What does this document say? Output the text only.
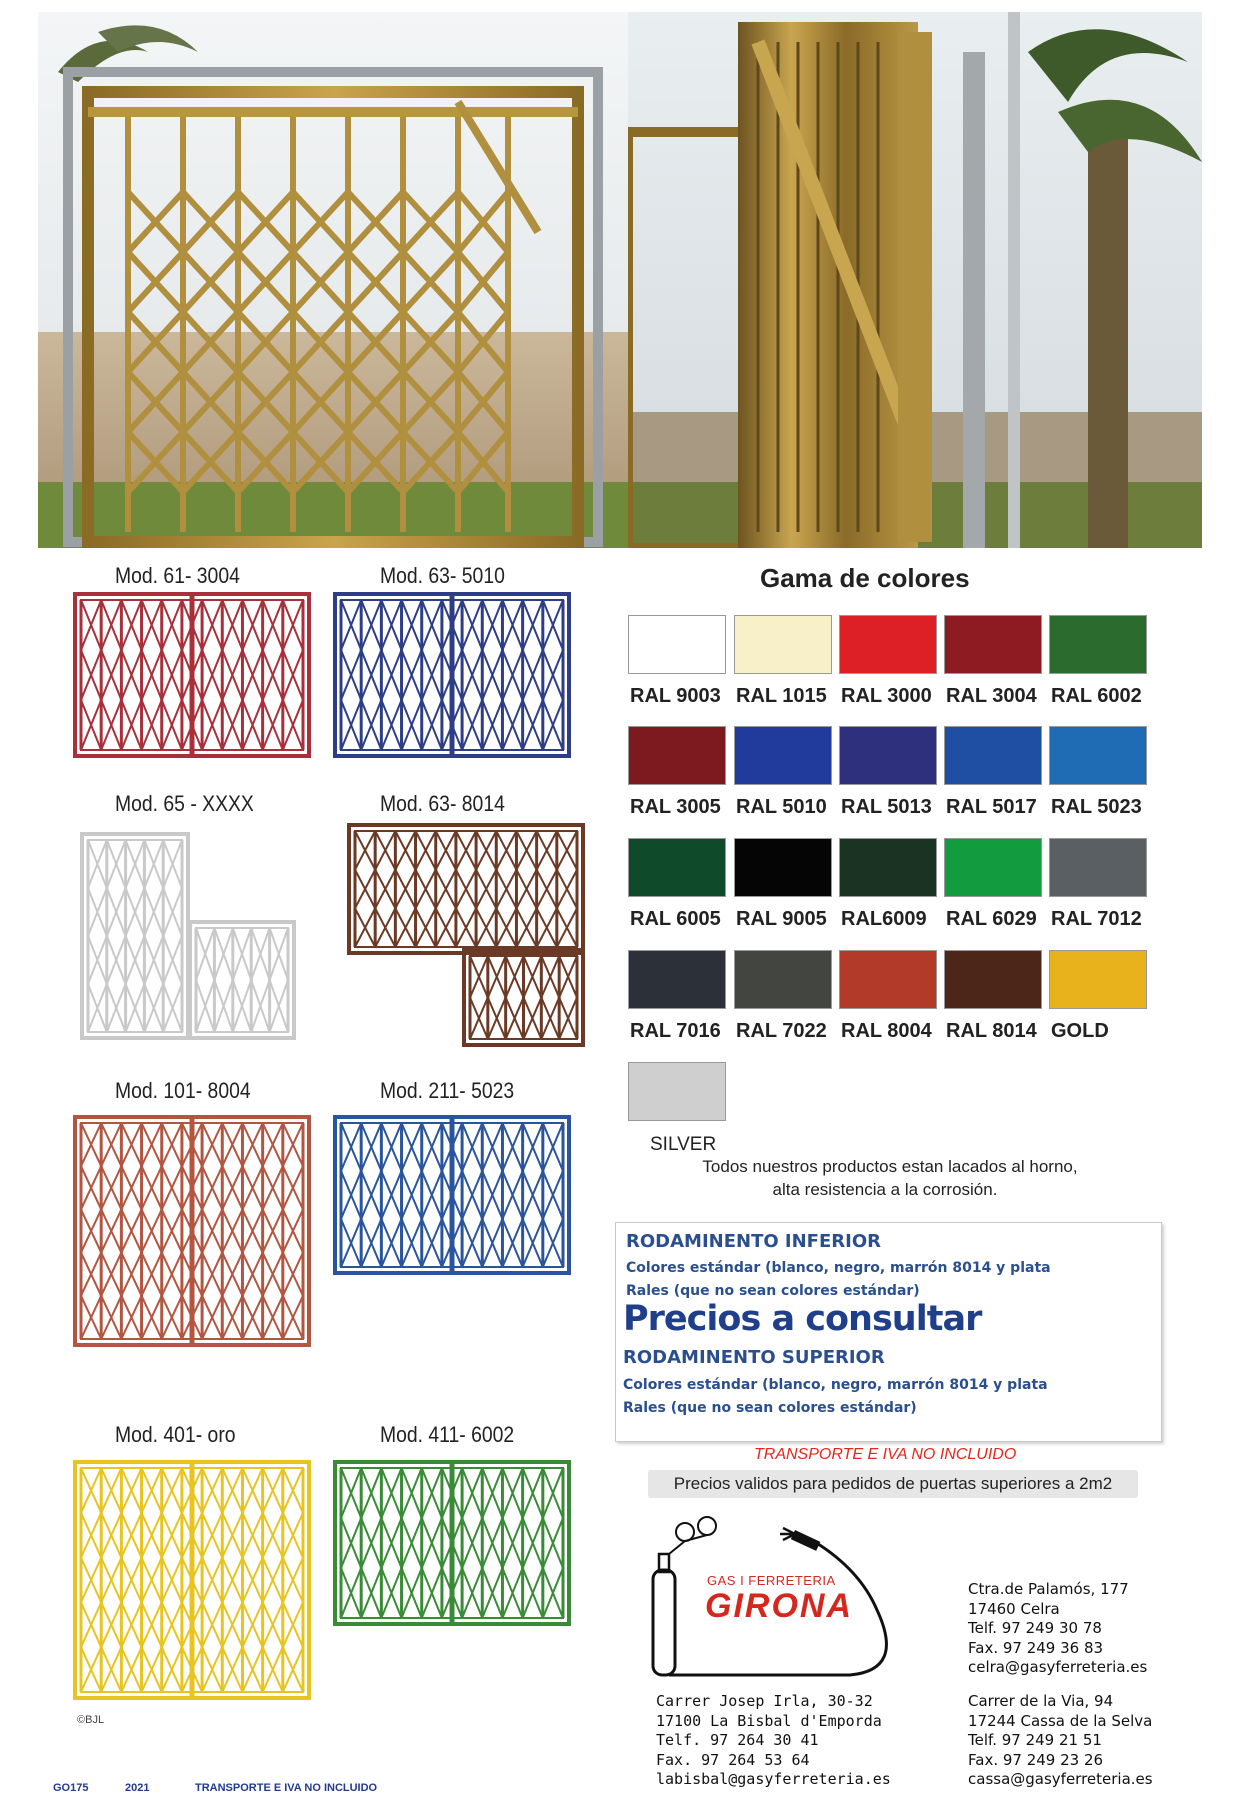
Mod. 61- 3004	Mod. 63- 5010
Mod. 65 - XXXX	Mod. 63- 8014
Mod. 101- 8004	Mod. 211- 5023
Mod. 401- oro	Mod. 411- 6002
©BJL
Gama de colores
RAL 9003 RAL 1015 RAL 3000 RAL 3004 RAL 6002
RAL 3005 RAL 5010 RAL 5013 RAL 5017 RAL 5023
RAL 6005 RAL 9005 RAL6009 RAL 6029 RAL 7012
RAL 7016 RAL 7022 RAL 8004 RAL 8014 GOLD
SILVER
Todos nuestros productos estan lacados al horno,
alta resistencia a la corrosión.
RODAMINENTO INFERIOR
Colores estándar (blanco, negro, marrón 8014 y plata
Rales (que no sean colores estándar)
Precios a consultar
RODAMINENTO SUPERIOR
Colores estándar (blanco, negro, marrón 8014 y plata
Rales (que no sean colores estándar)
TRANSPORTE E IVA NO INCLUIDO
Precios validos para pedidos de puertas superiores a 2m2
GAS I FERRETERIA
GIRONA	Ctra.de Palamós, 177
17460 Celra
Telf. 97 249 30 78
Fax. 97 249 36 83
celra@gasyferreteria.es
Carrer Josep Irla, 30-32
17100 La Bisbal d'Emporda
Telf. 97 264 30 41
Fax. 97 264 53 64
labisbal@gasyferreteria.es
Carrer de la Via, 94
17244 Cassa de la Selva
Telf. 97 249 21 51
Fax. 97 249 23 26
cassa@gasyferreteria.es
GO175	2021	TRANSPORTE E IVA NO INCLUIDO
